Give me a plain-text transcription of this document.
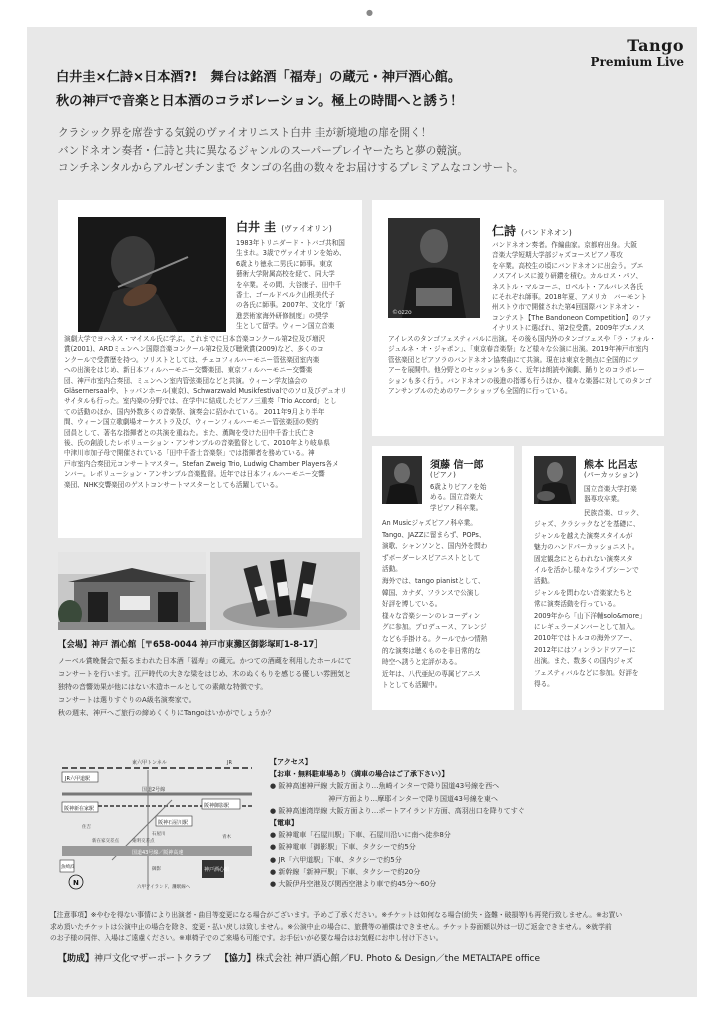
●
Tango
Premium Live
白井圭×仁詩×日本酒?!　舞台は銘酒「福寿」の蔵元・神戸酒心館。
秋の神戸で音楽と日本酒のコラボレーション。極上の時間へと誘う！
クラシック界を席巻する気鋭のヴァイオリニスト白井 圭が新境地の扉を開く！
バンドネオン奏者・仁詩と共に異なるジャンルのスーパープレイヤーたちと夢の競演。
コンチネンタルからアルゼンチンまで タンゴの名曲の数々をお届けするプレミアムなコンサート。
白井 圭 (ヴァイオリン)
1983年トリニダード・トバゴ共和国
生まれ。3歳でヴァイオリンを始め、
6歳より徳永二男氏に師事。東京
藝術大学附属高校を経て、同大学
を卒業。その間、大谷康子、田中千
香士、ゴールドベルク山根美代子
の各氏に師事。2007年、文化庁「新
進芸術家海外研修制度」の奨学
生として留学。ウィーン国立音楽
演劇大学でヨハネス・マイスル氏に学ぶ。これまでに日本音楽コンクール第2位及び増沢
賞(2001)、ARDミュンヘン国際音楽コンクール第2位及び聴衆賞(2009)など、多くのコ
ンクールで受賞歴を持つ。ソリストとしては、チェコフィルハーモニー管弦楽団室内楽
への出演をはじめ、新日本フィルハーモニー交響楽団、東京フィルハーモニー交響楽
団、神戸市室内合奏団、ミュンヘン室内管弦楽団などと共演。ウィーン学友協会の
Gläsernersaalや、トッパンホール(東京)、Schwarzwald Musikfestivalでのソロ及びデュオリ
サイタルも行った。室内楽の分野では、在学中に結成したピアノ三重奏「Trio Accord」とし
ての活動のほか、国内外数多くの音楽祭、演奏会に招かれている。 2011年9月より半年
間、ウィーン国立歌劇場オーケストラ及び、ウィーンフィルハーモニー管弦楽団の契約
団員として、著名な指揮者との共演を重ねた。また、薫陶を受けた田中千香士氏亡き
後、氏の創設したレボリューション・アンサンブルの音楽監督として、2010年より岐阜県
中津川市加子母で開催されている「田中千香士音楽祭」では指揮者を務めている。神
戸市室内合奏団元コンサートマスター。Stefan Zweig Trio, Ludwig Chamber Players各メ
ンバー。レボリューション・アンサンブル音楽監督。近年では日本フィルハーモニー交響
楽団、NHK交響楽団のゲストコンサートマスターとしても活躍している。
©ozzo
仁詩 (バンドネオン)
バンドネオン奏者。作編曲家。京都府出身。大阪
音楽大学短期大学部ジャズコースピアノ専攻
を卒業。高校生の頃にバンドネオンに出会う。ブエ
ノスアイレスに渡り研鑽を積む。カルロス・パソ、
ネストル・マルコーニ、ロベルト・アルバレス各氏
にそれぞれ師事。2018年夏、アメリカ　バーモント
州ストウ市で開催された第4回国際バンドネオン・
コンテスト【The Bandoneon Competition】のファ
イナリストに選ばれ、第2位受賞。2009年ブエノス
アイレスのタンゴフェスティバルに出演。その後も国内外のタンゴフェスや「ラ・フォル・
ジュルネ・オ・ジャポン」、「東京春音楽祭」など様々な公演に出演。2019年神戸市室内
管弦楽団とピアソラのバンドネオン協奏曲にて共演。現在は東京を拠点に全国的にツ
アーを展開中。他分野とのセッションも多く、近年は朗読や演劇、踊りとのコラボレー
ションも多く行う。バンドネオンの後進の指導も行うほか、様々な楽器に対してのタンゴ
アンサンブルのためのワークショップも全国的に行っている。
須藤 信一郎
(ピアノ)
6歳よりピアノを始
める。国立音楽大
学ピアノ科卒業。
An Musicジャズピアノ科卒業。
Tango、JAZZに留まらず、POPs、
演歌、シャンソンと、国内外を問わ
ずボーダーレスピアニストとして
活動。
海外では、tango pianistとして、
韓国、カナダ、フランスで公演し
好評を博している。
様々な音楽シーンのレコーディン
グに参加。プロデュース、アレンジ
なども手掛ける。クールでかつ情熱
的な演奏は聴くものを非日常的な
時空へ誘うと定評がある。
近年は、八代亜紀の専属ピアニス
トとしても活躍中。
熊本 比呂志
(パーカッション)
国立音楽大学打楽
器専攻卒業。
民族音楽、ロック、
ジャズ、クラシックなどを基礎に、
ジャンルを越えた演奏スタイルが
魅力のハンドパーカッショニスト。
固定観念にとらわれない演奏スタ
イルを活かし様々なライブシーンで
活動。
ジャンルを問わない音楽家たちと
常に演奏活動を行っている。
2009年から「山下洋輔solo&more」
にレギュラーメンバーとして加入。
2010年ではトルコの海外ツアー、
2012年にはフィンランドツアーに
出演。また、数多くの国内ジャズ
フェスティバルなどに参加。好評を
得る。
【会場】神戸 酒心館［〒658-0044 神戸市東灘区御影塚町1-8-17］
ノーベル賞晩餐会で振るまわれた日本酒「福寿」の蔵元。かつての酒蔵を利用したホールにて
コンサートを行います。江戸時代の大きな梁をはじめ、木のぬくもりを感じる優しい雰囲気と
独特の音響効果が他にはない木造ホールとしての素敵な特徴です。
コンサートは選りすぐりのA級名演奏家で。
秋の週末、神戸へご旅行の締めくくりにTangoはいかがでしょうか？
東六甲トンネル	JR
JR六甲道駅
国道2号線
阪神御影駅
阪神新在家駅
阪神石屋川駅
国道43号線／阪神高速
新在家交差点	東明交差点
住吉
石屋川
青木
魚崎浜	神戸酒心館
御影
六甲アイランド、灘駅線へ
N
【アクセス】
【お車・無料駐車場あり（満車の場合はご了承下さい）】
● 阪神高速神戸線 大阪方面より…魚崎インターで降り国道43号線を西へ
　　　　　　　　 神戸方面より…摩耶インターで降り国道43号線を東へ
● 阪神高速湾岸線 大阪方面より…ポートアイランド方面、高羽出口を降りてすぐ
【電車】
● 阪神電車「石屋川駅」下車、石屋川沿いに南へ徒歩8分
● 阪神電車「御影駅」下車、タクシーで約5分
● JR「六甲道駅」下車、タクシーで約5分
● 新幹線「新神戸駅」下車、タクシーで約20分
● 大阪伊丹空港及び関西空港より車で約45分～60分
【注意事項】※やむを得ない事情により出演者・曲目等変更になる場合がございます。予めご了承ください。※チケットは如何なる場合(紛失・盗難・破損等)も再発行致しません。※お買い
求め頂いたチケットは公演中止の場合を除き、変更・払い戻しは致しません。※公演中止の場合に、旅費等の補償はできません。チケット券面額以外は一切ご返金できません。※就学前
のお子様の同伴、入場はご遠慮ください。※車椅子でのご来場も可能です。お手伝いが必要な場合はお気軽にお申し付け下さい。
【助成】神戸文化マザーポートクラブ 【協力】株式会社 神戸酒心館／FU. Photo & Design／the METALTAPE office
